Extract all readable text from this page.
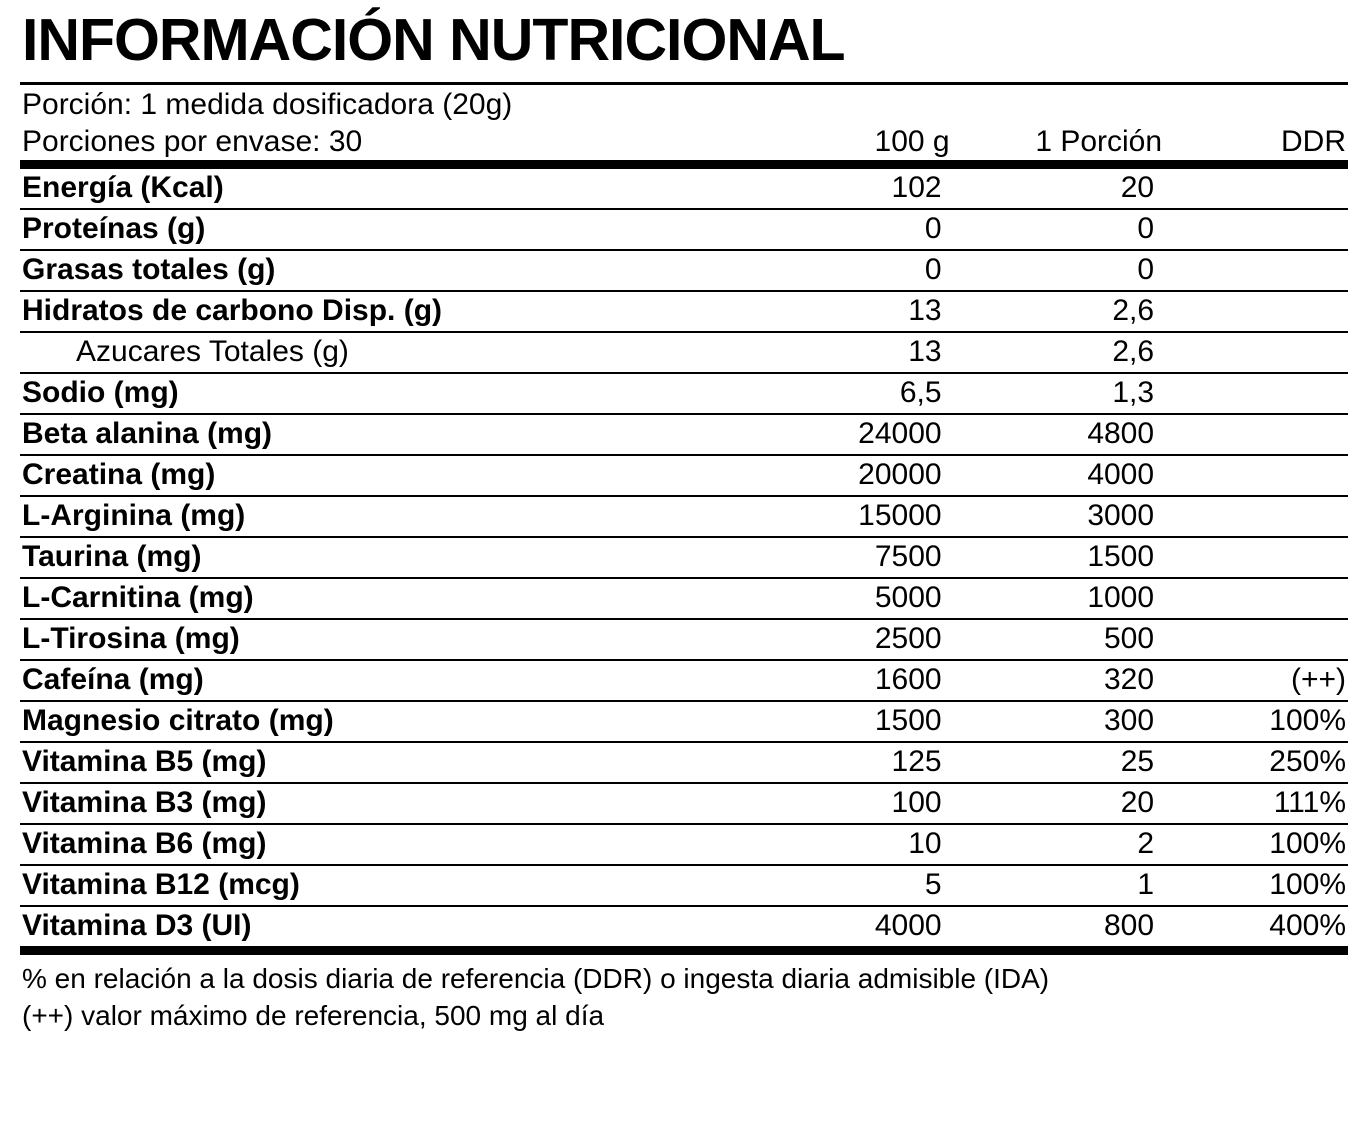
INFORMACIÓN NUTRICIONAL
Porción: 1 medida dosificadora (20g)
Porciones por envase: 30	100 g	1 Porción	DDR
Energía (Kcal)	102	20	
Proteínas (g)	0	0	
Grasas totales (g)	0	0	
Hidratos de carbono Disp. (g)	13	2,6	
Azucares Totales (g)	13	2,6	
Sodio (mg)	6,5	1,3	
Beta alanina (mg)	24000	4800	
Creatina (mg)	20000	4000	
L-Arginina (mg)	15000	3000	
Taurina (mg)	7500	1500	
L-Carnitina (mg)	5000	1000	
L-Tirosina (mg)	2500	500	
Cafeína (mg)	1600	320	(++)
Magnesio citrato (mg)	1500	300	100%
Vitamina B5 (mg)	125	25	250%
Vitamina B3 (mg)	100	20	111%
Vitamina B6 (mg)	10	2	100%
Vitamina B12 (mcg)	5	1	100%
Vitamina D3 (UI)	4000	800	400%
% en relación a la dosis diaria de referencia (DDR) o ingesta diaria admisible (IDA)
(++) valor máximo de referencia, 500 mg al día
